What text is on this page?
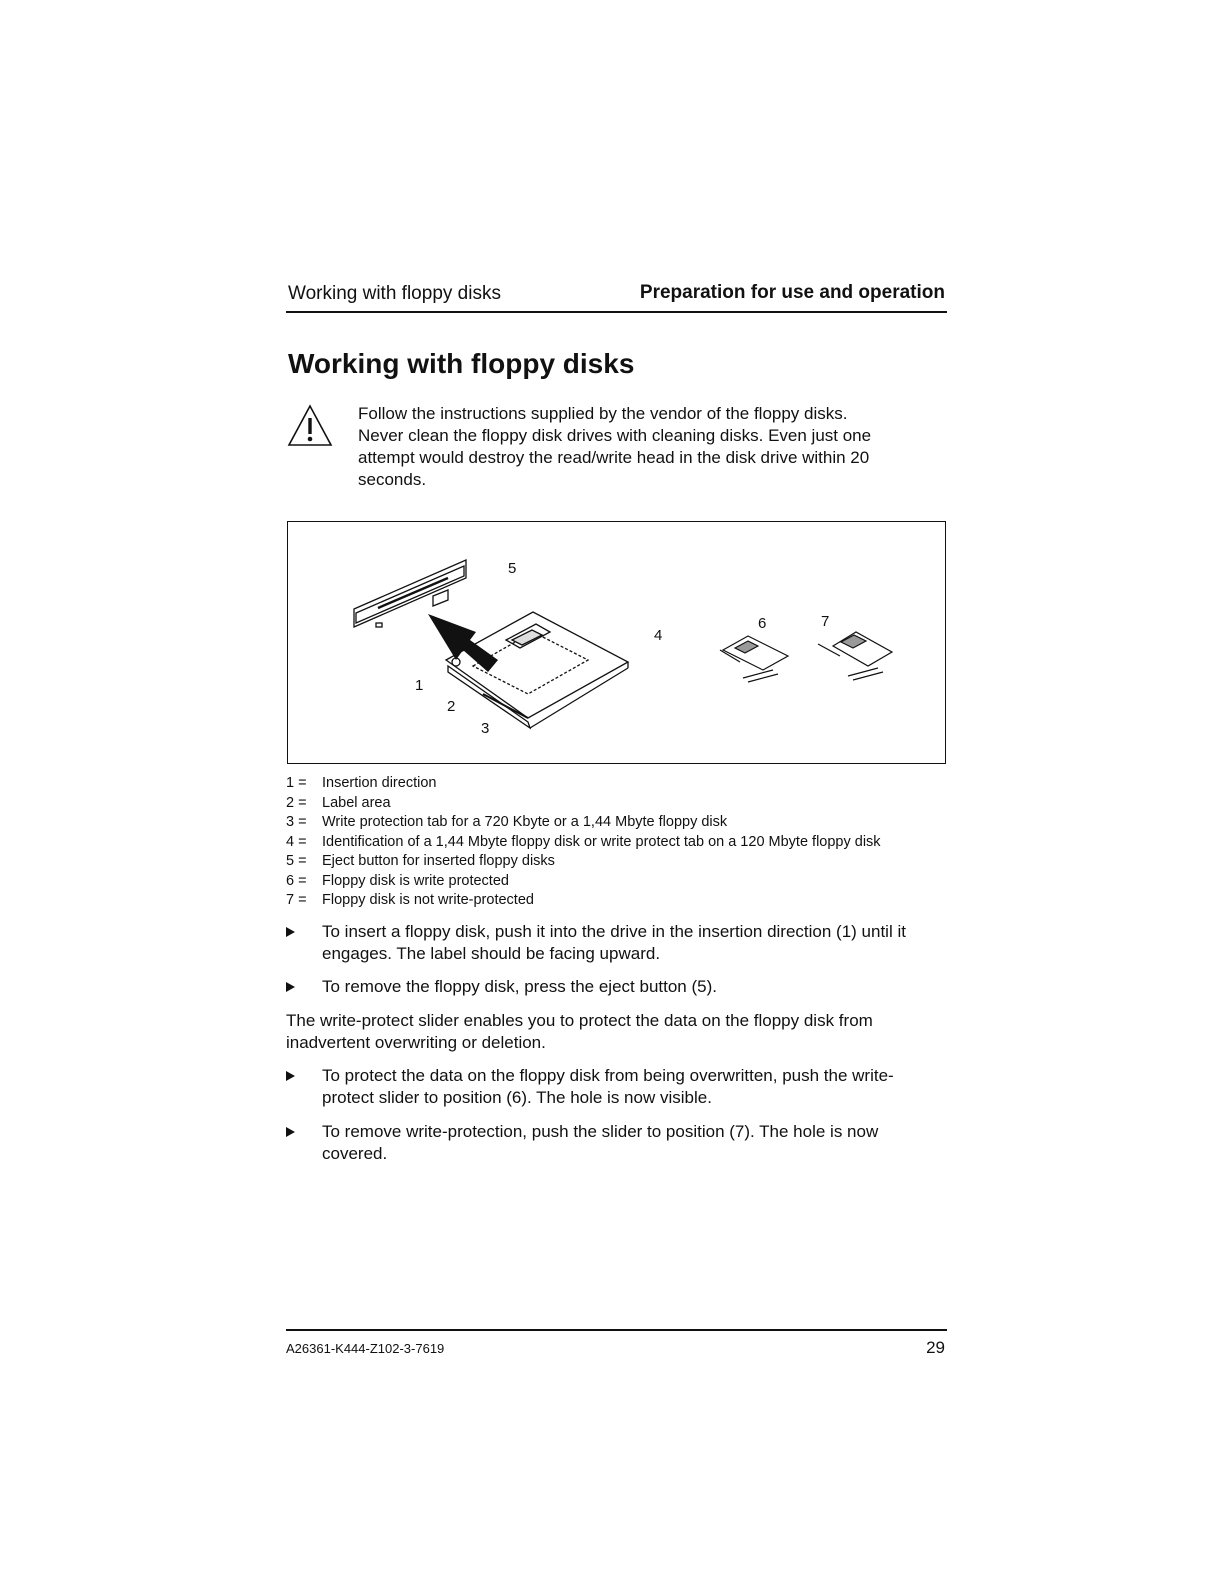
Working with floppy disks	Preparation for use and operation
Working with floppy disks

Follow the instructions supplied by the vendor of the floppy disks.

Never clean the floppy disk drives with cleaning disks. Even just one attempt would destroy the read/write head in the disk drive within 20 seconds.

1
2
3
4
5
6	7
1 =	Insertion direction
2 =	Label area
3 =	Write protection tab for a 720 Kbyte or a 1,44 Mbyte floppy disk
4 =	Identification of a 1,44 Mbyte floppy disk or write protect tab on a 120 Mbyte floppy disk
5 =	Eject button for inserted floppy disks
6 =	Floppy disk is write protected
7 =	Floppy disk is not write-protected
To insert a floppy disk, push it into the drive in the insertion direction (1) until it engages. The label should be facing upward.
To remove the floppy disk, press the eject button (5).
The write-protect slider enables you to protect the data on the floppy disk from inadvertent overwriting or deletion.
To protect the data on the floppy disk from being overwritten, push the write-protect slider to position (6). The hole is now visible.
To remove write-protection, push the slider to position (7). The hole is now covered.
A26361-K444-Z102-3-7619	29
